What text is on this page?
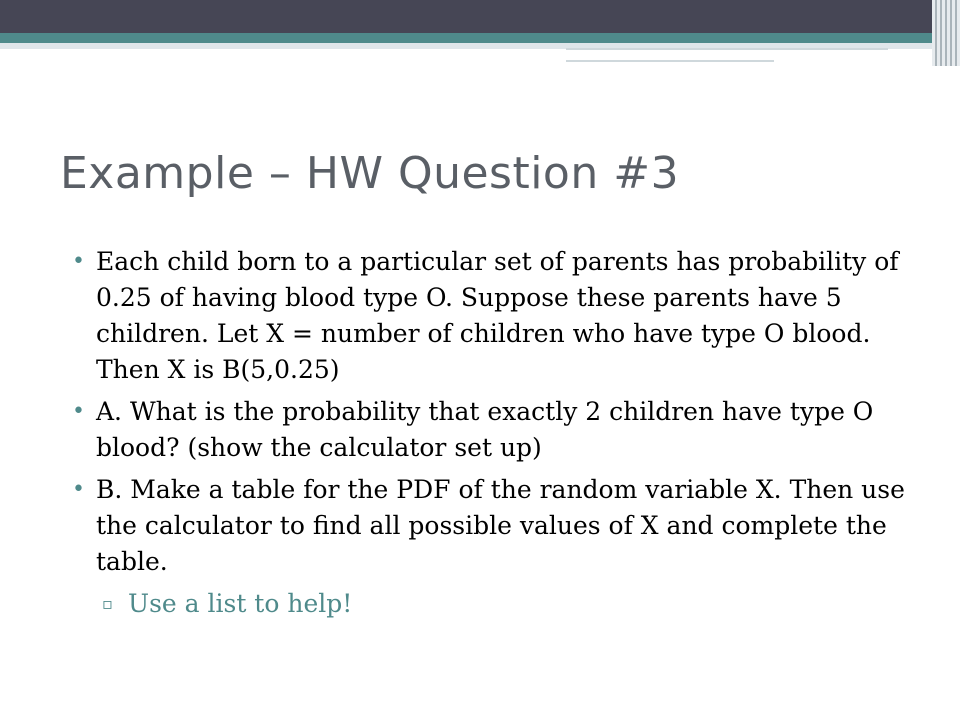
Example – HW Question #3
• Each child born to a particular set of parents has probability of 0.25 of having blood type O. Suppose these parents have 5 children. Let X = number of children who have type O blood. Then X is B(5,0.25)
• A. What is the probability that exactly 2 children have type O blood? (show the calculator set up)
• B. Make a table for the PDF of the random variable X. Then use the calculator to find all possible values of X and complete the table.
▫ Use a list to help!
